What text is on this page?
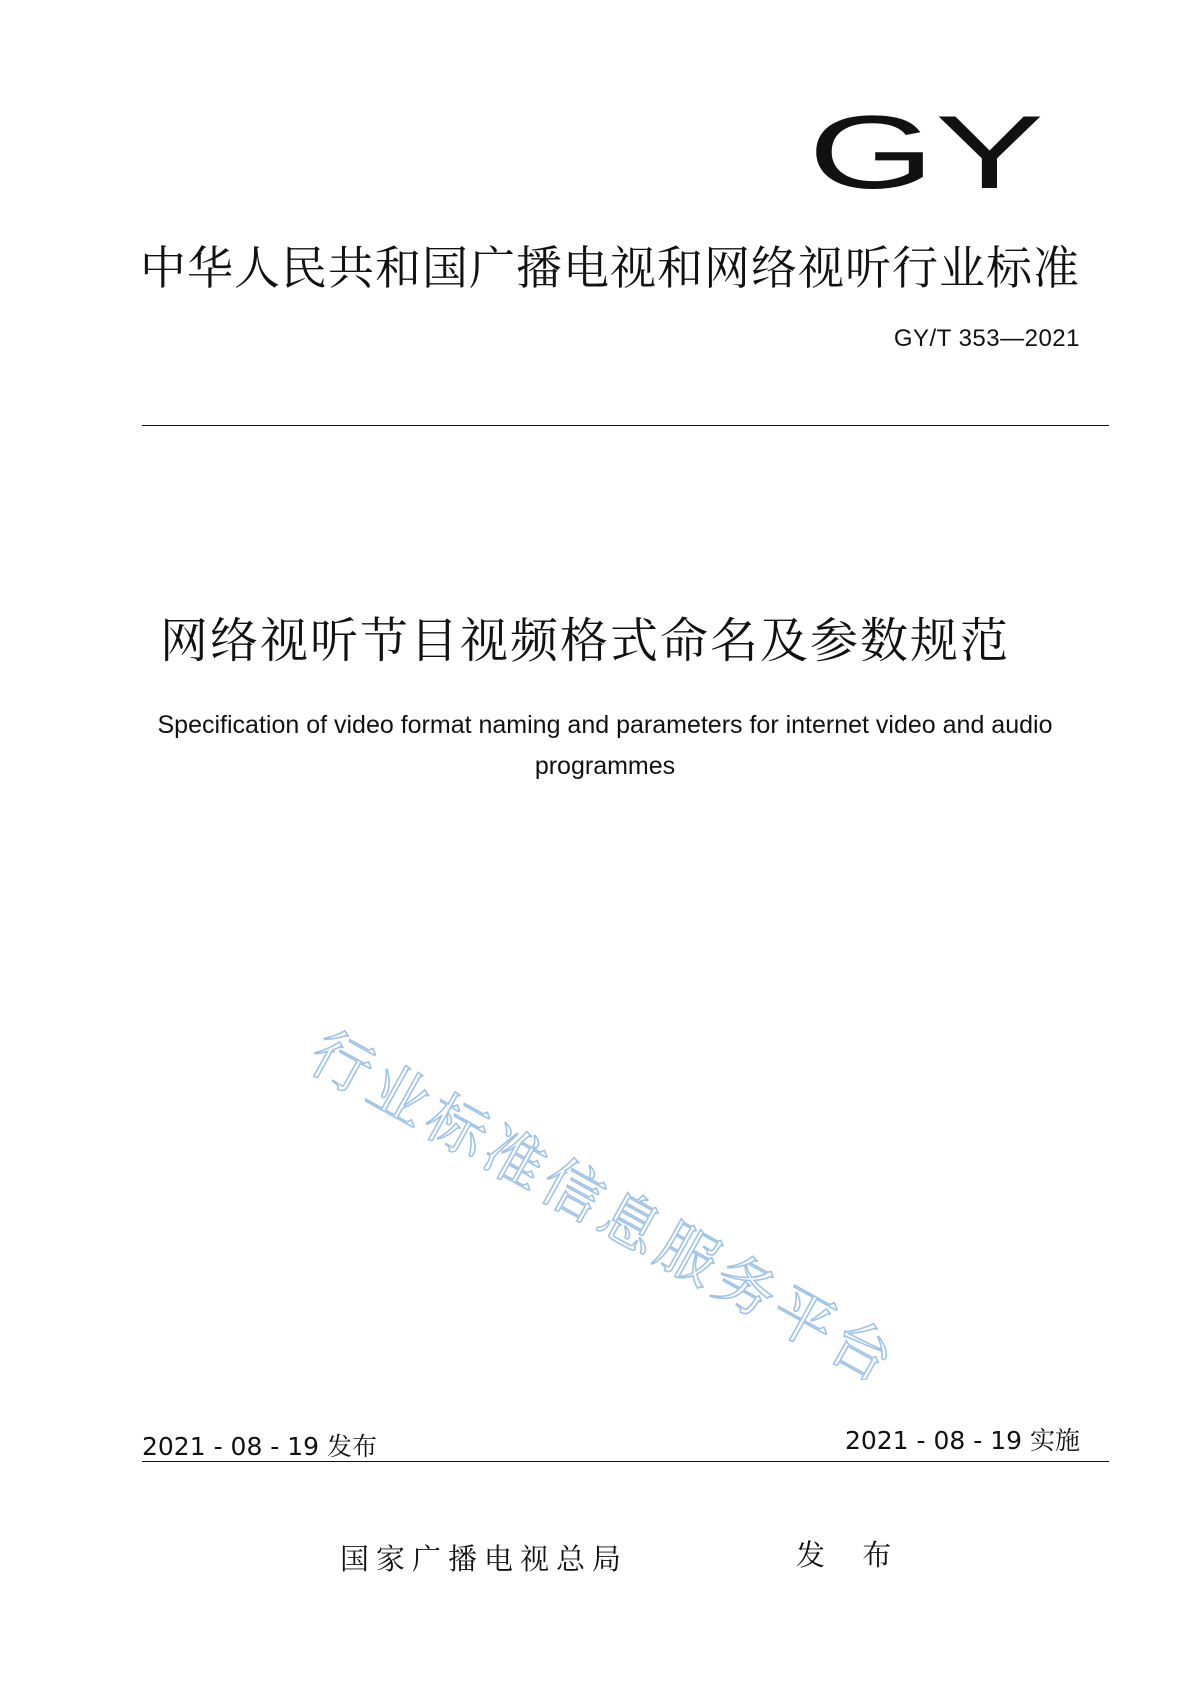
GY
中华人民共和国广播电视和网络视听行业标准
GY/T 353—2021
网络视听节目视频格式命名及参数规范
Specification of video format naming and parameters for internet video and audio
programmes
行业标准信息服务平台
2021 - 08 - 19 发布	2021 - 08 - 19 实施
国家广播电视总局	发 布
